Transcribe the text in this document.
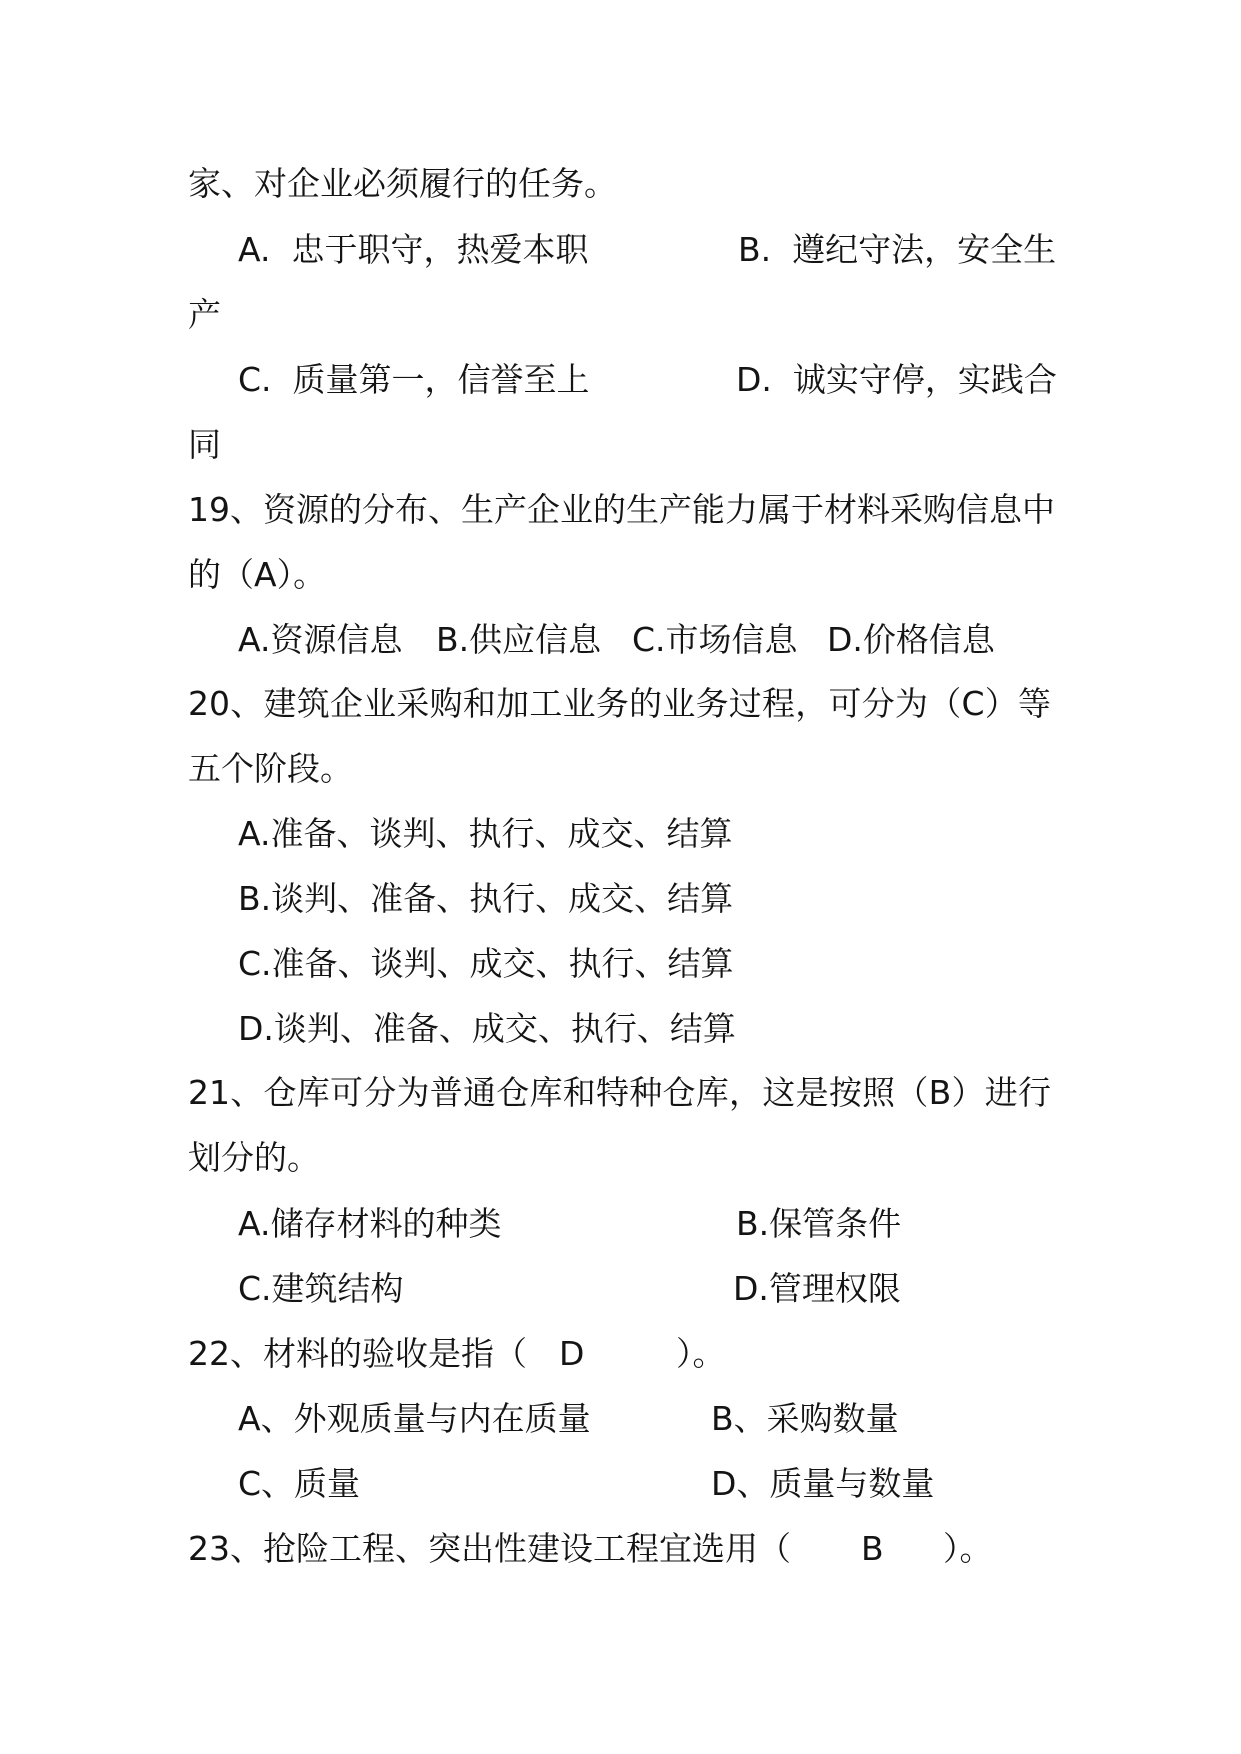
家、对企业必须履行的任务。
A.  忠于职守，热爱本职	B.  遵纪守法，安全生
产
C.  质量第一，信誉至上	D.  诚实守停，实践合
同
19、资源的分布、生产企业的生产能力属于材料采购信息中
的（A）。
A.资源信息 B.供应信息 C.市场信息 D.价格信息
20、建筑企业采购和加工业务的业务过程，可分为（C）等
五个阶段。
A.准备、谈判、执行、成交、结算
B.谈判、准备、执行、成交、结算
C.准备、谈判、成交、执行、结算
D.谈判、准备、成交、执行、结算
21、仓库可分为普通仓库和特种仓库，这是按照（B）进行
划分的。
A.储存材料的种类	B.保管条件
C.建筑结构	D.管理权限
22、材料的验收是指（ D	）。
A、外观质量与内在质量	B、采购数量
C、质量	D、质量与数量
23、抢险工程、突出性建设工程宜选用（ B ）。
